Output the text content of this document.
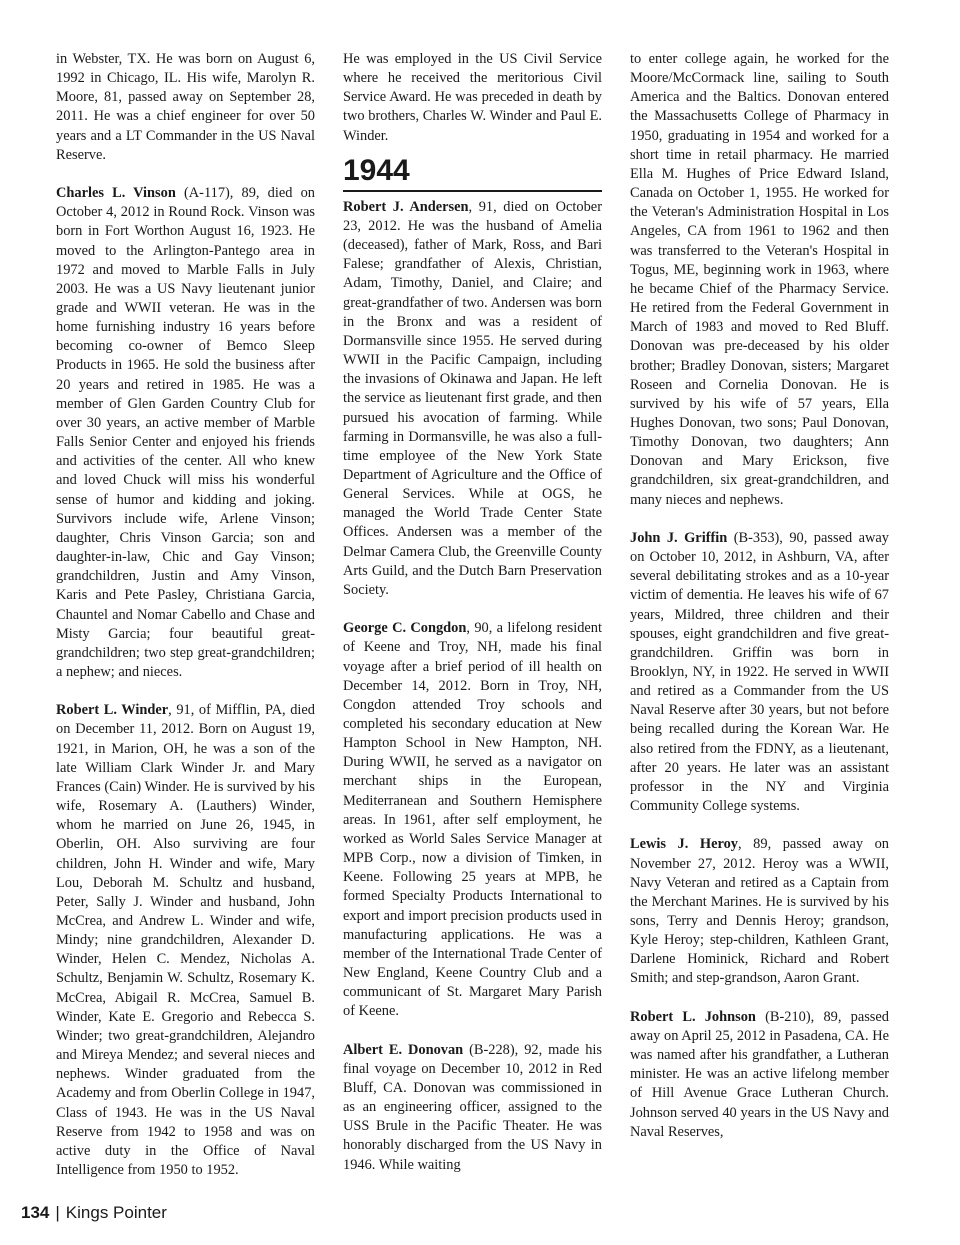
in Webster, TX. He was born on August 6, 1992 in Chicago, IL. His wife, Marolyn R. Moore, 81, passed away on September 28, 2011. He was a chief engineer for over 50 years and a LT Commander in the US Naval Reserve.

Charles L. Vinson (A-117), 89, died on October 4, 2012 in Round Rock. Vinson was born in Fort Worthon August 16, 1923. He moved to the Arlington-Pantego area in 1972 and moved to Marble Falls in July 2003. He was a US Navy lieutenant junior grade and WWII veteran. He was in the home furnishing industry 16 years before becoming co-owner of Bemco Sleep Products in 1965. He sold the business after 20 years and retired in 1985. He was a member of Glen Garden Country Club for over 30 years, an active member of Marble Falls Senior Center and enjoyed his friends and activities of the center. All who knew and loved Chuck will miss his wonderful sense of humor and kidding and joking. Survivors include wife, Arlene Vinson; daughter, Chris Vinson Garcia; son and daughter-in-law, Chic and Gay Vinson; grandchildren, Justin and Amy Vinson, Karis and Pete Pasley, Christiana Garcia, Chauntel and Nomar Cabello and Chase and Misty Garcia; four beautiful great-grandchildren; two step great-grandchildren; a nephew; and nieces.

Robert L. Winder, 91, of Mifflin, PA, died on December 11, 2012. Born on August 19, 1921, in Marion, OH, he was a son of the late William Clark Winder Jr. and Mary Frances (Cain) Winder. He is survived by his wife, Rosemary A. (Lauthers) Winder, whom he married on June 26, 1945, in Oberlin, OH. Also surviving are four children, John H. Winder and wife, Mary Lou, Deborah M. Schultz and husband, Peter, Sally J. Winder and husband, John McCrea, and Andrew L. Winder and wife, Mindy; nine grandchildren, Alexander D. Winder, Helen C. Mendez, Nicholas A. Schultz, Benjamin W. Schultz, Rosemary K. McCrea, Abigail R. McCrea, Samuel B. Winder, Kate E. Gregorio and Rebecca S. Winder; two great-grandchildren, Alejandro and Mireya Mendez; and several nieces and nephews. Winder graduated from the Academy and from Oberlin College in 1947, Class of 1943. He was in the US Naval Reserve from 1942 to 1958 and was on active duty in the Office of Naval Intelligence from 1950 to 1952.

He was employed in the US Civil Service where he received the meritorious Civil Service Award. He was preceded in death by two brothers, Charles W. Winder and Paul E. Winder.

1944

Robert J. Andersen, 91, died on October 23, 2012. He was the husband of Amelia (deceased), father of Mark, Ross, and Bari Falese; grandfather of Alexis, Christian, Adam, Timothy, Daniel, and Claire; and great-grandfather of two. Andersen was born in the Bronx and was a resident of Dormansville since 1955. He served during WWII in the Pacific Campaign, including the invasions of Okinawa and Japan. He left the service as lieutenant first grade, and then pursued his avocation of farming. While farming in Dormansville, he was also a full-time employee of the New York State Department of Agriculture and the Office of General Services. While at OGS, he managed the World Trade Center State Offices. Andersen was a member of the Delmar Camera Club, the Greenville County Arts Guild, and the Dutch Barn Preservation Society.

George C. Congdon, 90, a lifelong resident of Keene and Troy, NH, made his final voyage after a brief period of ill health on December 14, 2012. Born in Troy, NH, Congdon attended Troy schools and completed his secondary education at New Hampton School in New Hampton, NH. During WWII, he served as a navigator on merchant ships in the European, Mediterranean and Southern Hemisphere areas. In 1961, after self employment, he worked as World Sales Service Manager at MPB Corp., now a division of Timken, in Keene. Following 25 years at MPB, he formed Specialty Products International to export and import precision products used in manufacturing applications. He was a member of the International Trade Center of New England, Keene Country Club and a communicant of St. Margaret Mary Parish of Keene.

Albert E. Donovan (B-228), 92, made his final voyage on December 10, 2012 in Red Bluff, CA. Donovan was commissioned in as an engineering officer, assigned to the USS Brule in the Pacific Theater. He was honorably discharged from the US Navy in 1946. While waiting

to enter college again, he worked for the Moore/McCormack line, sailing to South America and the Baltics. Donovan entered the Massachusetts College of Pharmacy in 1950, graduating in 1954 and worked for a short time in retail pharmacy. He married Ella M. Hughes of Price Edward Island, Canada on October 1, 1955. He worked for the Veteran's Administration Hospital in Los Angeles, CA from 1961 to 1962 and then was transferred to the Veteran's Hospital in Togus, ME, beginning work in 1963, where he became Chief of the Pharmacy Service. He retired from the Federal Government in March of 1983 and moved to Red Bluff. Donovan was pre-deceased by his older brother; Bradley Donovan, sisters; Margaret Roseen and Cornelia Donovan. He is survived by his wife of 57 years, Ella Hughes Donovan, two sons; Paul Donovan, Timothy Donovan, two daughters; Ann Donovan and Mary Erickson, five grandchildren, six great-grandchildren, and many nieces and nephews.

John J. Griffin (B-353), 90, passed away on October 10, 2012, in Ashburn, VA, after several debilitating strokes and as a 10-year victim of dementia. He leaves his wife of 67 years, Mildred, three children and their spouses, eight grandchildren and five great-grandchildren. Griffin was born in Brooklyn, NY, in 1922. He served in WWII and retired as a Commander from the US Naval Reserve after 30 years, but not before being recalled during the Korean War. He also retired from the FDNY, as a lieutenant, after 20 years. He later was an assistant professor in the NY and Virginia Community College systems.

Lewis J. Heroy, 89, passed away on November 27, 2012. Heroy was a WWII, Navy Veteran and retired as a Captain from the Merchant Marines. He is survived by his sons, Terry and Dennis Heroy; grandson, Kyle Heroy; step-children, Kathleen Grant, Darlene Hominick, Richard and Robert Smith; and step-grandson, Aaron Grant.

Robert L. Johnson (B-210), 89, passed away on April 25, 2012 in Pasadena, CA. He was named after his grandfather, a Lutheran minister. He was an active lifelong member of Hill Avenue Grace Lutheran Church. Johnson served 40 years in the US Navy and Naval Reserves,

134 | Kings Pointer
